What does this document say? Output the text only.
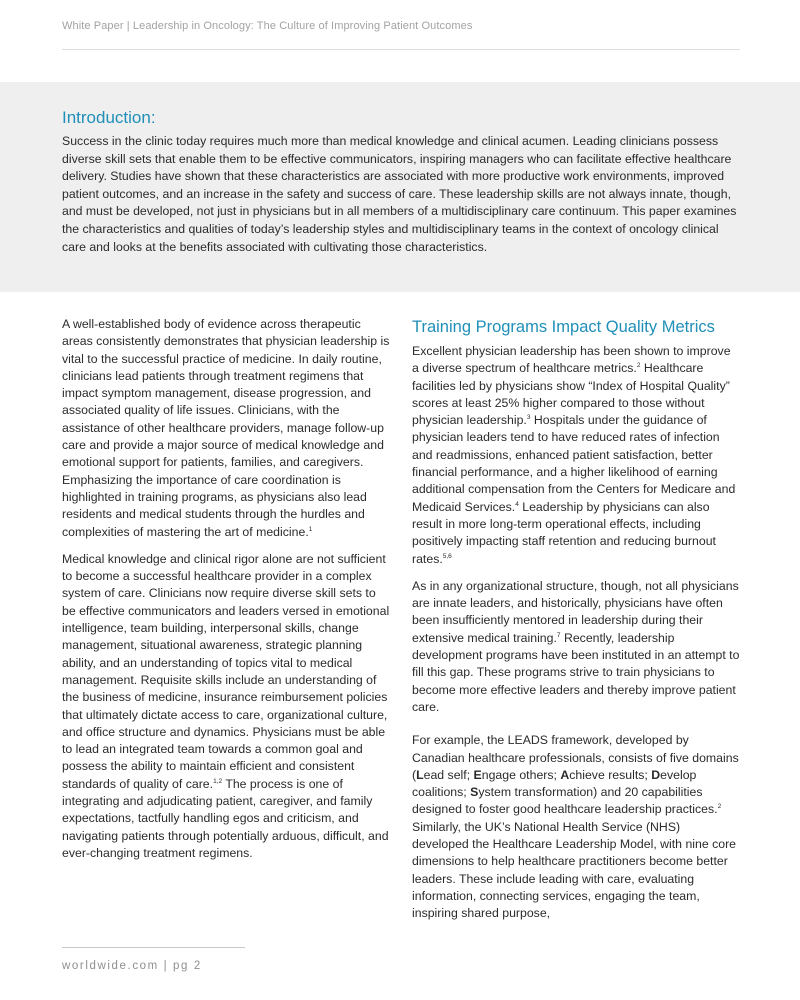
White Paper | Leadership in Oncology: The Culture of Improving Patient Outcomes
Introduction:

Success in the clinic today requires much more than medical knowledge and clinical acumen. Leading clinicians possess diverse skill sets that enable them to be effective communicators, inspiring managers who can facilitate effective healthcare delivery. Studies have shown that these characteristics are associated with more productive work environments, improved patient outcomes, and an increase in the safety and success of care. These leadership skills are not always innate, though, and must be developed, not just in physicians but in all members of a multidisciplinary care continuum. This paper examines the characteristics and qualities of today’s leadership styles and multidisciplinary teams in the context of oncology clinical care and looks at the benefits associated with cultivating those characteristics.

A well-established body of evidence across therapeutic areas consistently demonstrates that physician leadership is vital to the successful practice of medicine. In daily routine, clinicians lead patients through treatment regimens that impact symptom management, disease progression, and associated quality of life issues. Clinicians, with the assistance of other healthcare providers, manage follow-up care and provide a major source of medical knowledge and emotional support for patients, families, and caregivers. Emphasizing the importance of care coordination is highlighted in training programs, as physicians also lead residents and medical students through the hurdles and complexities of mastering the art of medicine.$^1$

Medical knowledge and clinical rigor alone are not sufficient to become a successful healthcare provider in a complex system of care. Clinicians now require diverse skill sets to be effective communicators and leaders versed in emotional intelligence, team building, interpersonal skills, change management, situational awareness, strategic planning ability, and an understanding of topics vital to medical management. Requisite skills include an understanding of the business of medicine, insurance reimbursement policies that ultimately dictate access to care, organizational culture, and office structure and dynamics. Physicians must be able to lead an integrated team towards a common goal and possess the ability to maintain efficient and consistent standards of quality of care.$^{1,2}$ The process is one of integrating and adjudicating patient, caregiver, and family expectations, tactfully handling egos and criticism, and navigating patients through potentially arduous, difficult, and ever-changing treatment regimens.

Training Programs Impact Quality Metrics

Excellent physician leadership has been shown to improve a diverse spectrum of healthcare metrics.$^2$ Healthcare facilities led by physicians show “Index of Hospital Quality” scores at least 25% higher compared to those without physician leadership.$^3$ Hospitals under the guidance of physician leaders tend to have reduced rates of infection and readmissions, enhanced patient satisfaction, better financial performance, and a higher likelihood of earning additional compensation from the Centers for Medicare and Medicaid Services.$^4$ Leadership by physicians can also result in more long-term operational effects, including positively impacting staff retention and reducing burnout rates.$^{5,6}$

As in any organizational structure, though, not all physicians are innate leaders, and historically, physicians have often been insufficiently mentored in leadership during their extensive medical training.$^7$ Recently, leadership development programs have been instituted in an attempt to fill this gap. These programs strive to train physicians to become more effective leaders and thereby improve patient care.

For example, the LEADS framework, developed by Canadian healthcare professionals, consists of five domains (Lead self; Engage others; Achieve results; Develop coalitions; System transformation) and 20 capabilities designed to foster good healthcare leadership practices.$^2$ Similarly, the UK’s National Health Service (NHS) developed the Healthcare Leadership Model, with nine core dimensions to help healthcare practitioners become better leaders. These include leading with care, evaluating information, connecting services, engaging the team, inspiring shared purpose,

worldwide.com | pg 2
